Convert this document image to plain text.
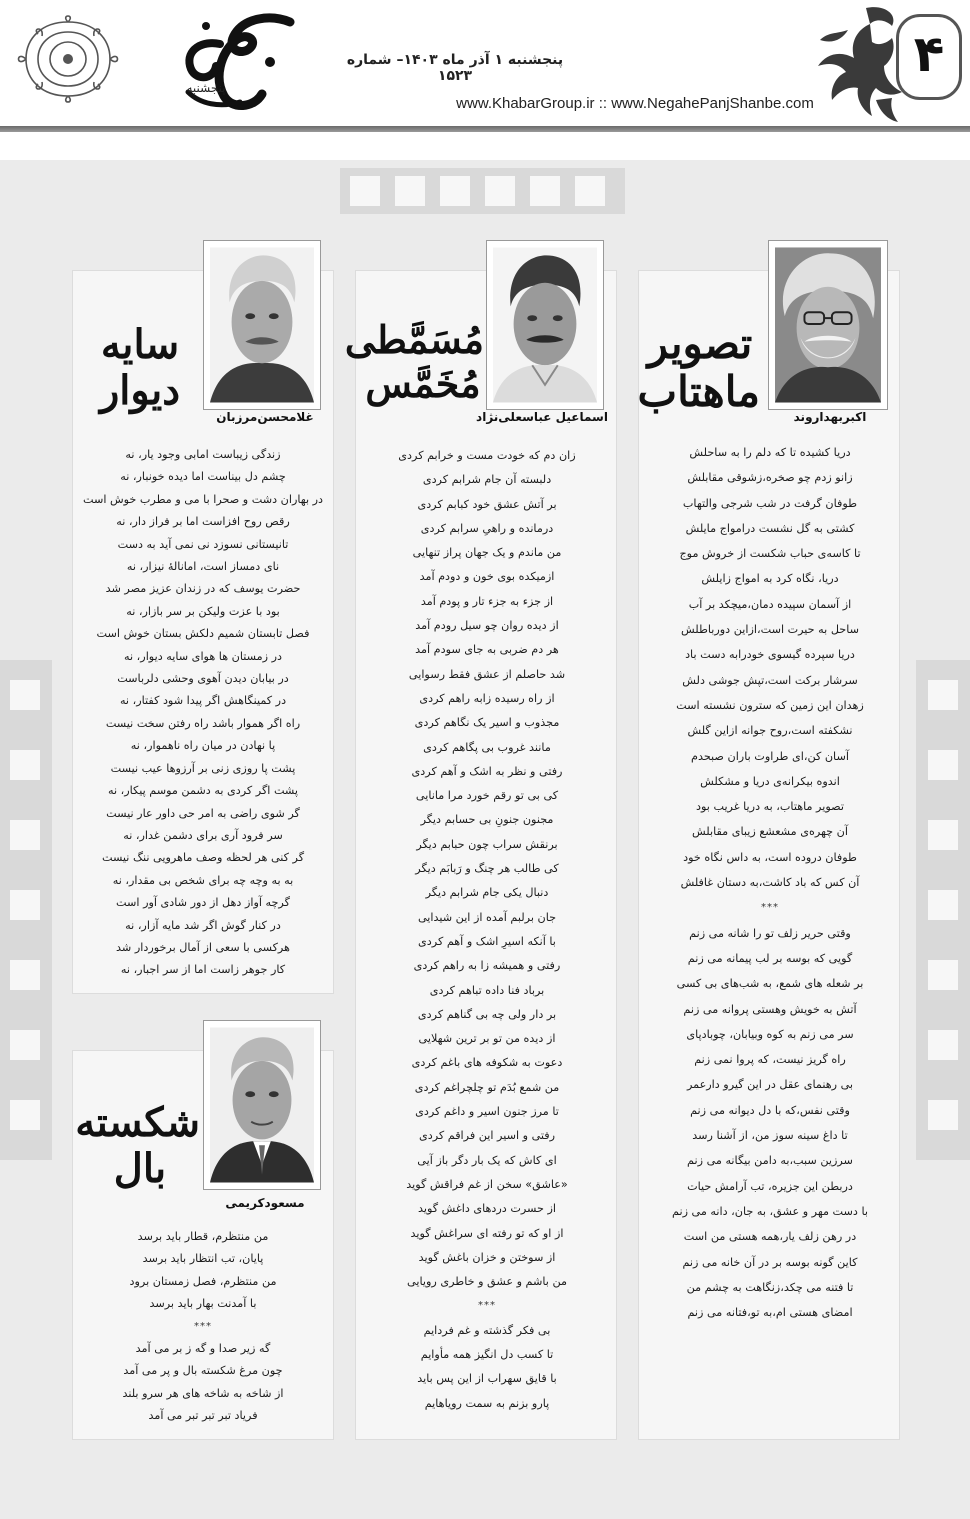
پنجشنبه
نگاه
پنجشنبه ۱ آذر ماه ۱۴۰۳– شماره ۱۵۲۳
www.KhabarGroup.ir :: www.NegahePanjShanbe.com
۴
اکبربهداروند
تصویر
ماهتاب
دریا کشیده تا که دلم را به ساحلش
زانو زدم چو صخره،زشوقی مقابلش
طوفان گرفت در شب شرجی والتهاب
کشتی به گل نشست درامواج مایلش
تا کاسه‌ی حباب شکست از خروش موج
دریا، نگاه کرد به امواج زایلش
از آسمان سپیده دمان،میچکد بر آب
ساحل به حیرت است،ازاین دورباطلش
دریا سپرده گیسوی خودرابه دست باد
سرشار برکت است،تپش جوشی دلش
زهدان این زمین که سترون نشسته است
نشکفته است،روح جوانه ازاین گلش
آسان کن،ای طراوت باران صبحدم
اندوه بیکرانه‌ی دریا و مشکلش
تصویر ماهتاب، به دریا غریب بود
آن چهره‌ی مشعشع زیبای مقابلش
طوفان درو‌ده است، به داس نگاه خود
آن کس که باد کاشت،به دستان غافلش
***
وقتی حریر زلف تو را شانه می زنم
گویی که بوسه بر لب پیمانه می زنم
بر شعله های شمع، به شب‌های بی کسی
آتش به خویش وهستی پروانه می زنم
سر می زنم به کوه وبیابان، چوبادپای
راه گریز نیست، که پروا نمی زنم
بی رهنمای عقل در این گیرو دارعمر
وقتی نفس،که با دل دیوانه می زنم
تا داغ سینه سوز من، از آشنا رسد
سرزین سبب،به دامن بیگانه می زنم
دربطن این جزیره، تب آرامش حیات
با دست مهر و عشق، به جان، دانه می زنم
در رهن زلف یار،همه هستی من است
کاین گونه بوسه بر در آن خانه می زنم
تا فتنه می چکد،زنگاهت به چشم من
امضای هستی ام،به تو،فتانه می زنم
اسماعیل عباسعلی‌نژاد
مُسَمَّطی
مُخَمَّس
زان دم که خودت مست و خرابم کردی
دلبسته آن جام شرابم کردی
بر آتش عشق خود کبابم کردی
درمانده و راهیِ سرابم کردی
من ماندم و یک جهان پراز تنهایی
ازمیکده بوی خون و دودم آمد
از جزء به جزء تار و پودم آمد
از دیده روان چو سیل رودم آمد
هر دم ضربی به جای سودم آمد
شد حاصلم از عشق فقط رسوایی
از راه رسیده زابه راهم کردی
مجذوب و اسیر یک نگاهم کردی
مانند غروب بی پگاهم کردی
رفتی و نظر به اشک و آهم کردی
کی بی تو رقم خورد مرا مانایی
مجنون جنونِ بی حسابم دیگر
برنقش سراب چون حبابم دیگر
کی طالب هر چنگ و رَبابَم دیگر
دنبال یکی جام شرابم دیگر
جان برلبم آمده از این شیدایی
با آنکه اسیرِ اشک و آهم کردی
رفتی و همیشه زا به راهم کردی
برباد فنا داده تباهم کردی
بر دار ولی چه بی گناهم کردی
از دیده من تو بر ترین شهلایی
دعوت به شکوفه های باغم کردی
من شمع بُدَم تو چلچراغم کردی
تا مرز جنون اسیر و داغم کردی
رفتی و اسیر این فراقم کردی
ای کاش که یک بار دگر باز آیی
«عاشق» سخن از غم فراقش گوید
از حسرت دردهای داغش گوید
از او که تو رفته ای سراغش گوید
از سوختن و خزان باغش گوید
من باشم و عشق و خاطری رویایی
***
بی فکر گذشته و غم فردایم
تا کسب دل انگیز همه مأوایم
با قایق سهراب از این پس باید
پارو بزنم به سمت رویاهایم
غلامحسن‌مرزبان
سایه
دیوار
زندگی زیباست امابی وجود یار، نه
چشم دل بیناست اما دیده خونبار، نه
در بهاران دشت و صحرا با می و مطرب خوش است
رقص روح افزاست اما بر فراز دار، نه
تانیستانی نسوزد نی نمی آید به دست
نای دمساز است، امانالۀ نیزار، نه
حضرت یوسف که در زندان عزیز مصر شد
بود با عزت ولیکن بر سر بازار، نه
فصل تابستان شمیم دلکش بستان خوش است
در زمستان ها هوای سایه دیوار، نه
در بیابان دیدن آهوی وحشی دلرباست
در کمینگاهش اگر پیدا شود کفتار، نه
راه اگر هموار باشد راه رفتن سخت نیست
پا نهادن در میان راه ناهموار، نه
پشت پا روزی زنی بر آرزوها عیب نیست
پشت اگر کردی به دشمن موسم پیکار، نه
گر شوی راضی به امر حی داور عار نیست
سر فرود آری برای دشمن غدار، نه
گر کنی هر لحظه وصف ماهرویی ننگ نیست
به به وچه چه برای شخص بی مقدار، نه
گرچه آواز دهل از دور شادی آور است
در کنار گوش اگر شد مایه آزار، نه
هرکسی با سعی از آمال برخوردار شد
کار جوهر زاست اما از سر اجبار، نه
مسعودکریمی
شکسته
بال
من منتظرم، قطار باید برسد
پایان، تب انتظار باید برسد
من منتظرم، فصل زمستان برود
با آمدنت بهار باید برسد
***
گه زیر صدا و گه ز بر می آمد
چون مرغ شکسته بال و پر می آمد
از شاخه به شاخه های هر سرو بلند
فریاد تبر تبر تبر می آمد
